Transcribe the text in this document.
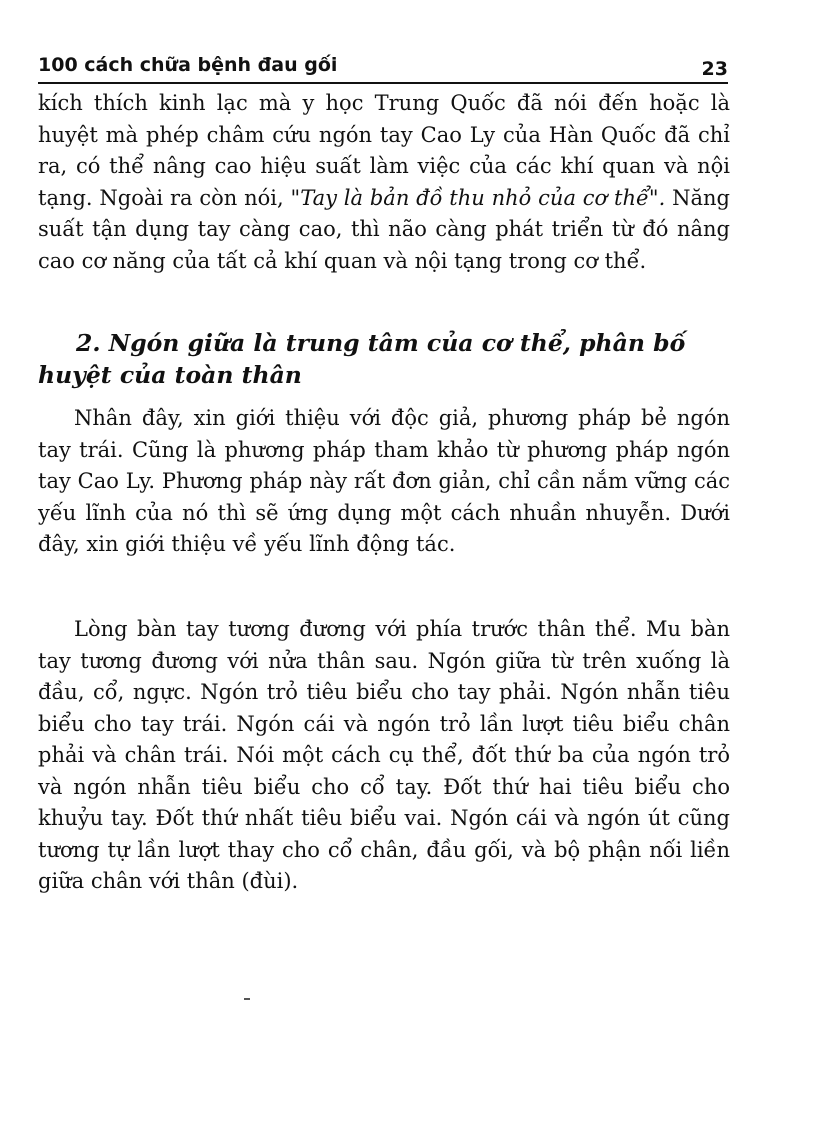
100 cách chữa bệnh đau gối	23
kích thích kinh lạc mà y học Trung Quốc đã nói đến hoặc là huyệt mà phép châm cứu ngón tay Cao Ly của Hàn Quốc đã chỉ ra, có thể nâng cao hiệu suất làm việc của các khí quan và nội tạng. Ngoài ra còn nói, "Tay là bản đồ thu nhỏ của cơ thể". Năng suất tận dụng tay càng cao, thì não càng phát triển từ đó nâng cao cơ năng của tất cả khí quan và nội tạng trong cơ thể.
2. Ngón giữa là trung tâm của cơ thể, phân bố
huyệt của toàn thân
Nhân đây, xin giới thiệu với độc giả, phương pháp bẻ ngón tay trái. Cũng là phương pháp tham khảo từ phương pháp ngón tay Cao Ly. Phương pháp này rất đơn giản, chỉ cần nắm vững các yếu lĩnh của nó thì sẽ ứng dụng một cách nhuần nhuyễn. Dưới đây, xin giới thiệu về yếu lĩnh động tác.
Lòng bàn tay tương đương với phía trước thân thể. Mu bàn tay tương đương với nửa thân sau. Ngón giữa từ trên xuống là đầu, cổ, ngực. Ngón trỏ tiêu biểu cho tay phải. Ngón nhẫn tiêu biểu cho tay trái. Ngón cái và ngón trỏ lần lượt tiêu biểu chân phải và chân trái. Nói một cách cụ thể, đốt thứ ba của ngón trỏ và ngón nhẫn tiêu biểu cho cổ tay. Đốt thứ hai tiêu biểu cho khuỷu tay. Đốt thứ nhất tiêu biểu vai. Ngón cái và ngón út cũng tương tự lần lượt thay cho cổ chân, đầu gối, và bộ phận nối liền giữa chân với thân (đùi).
